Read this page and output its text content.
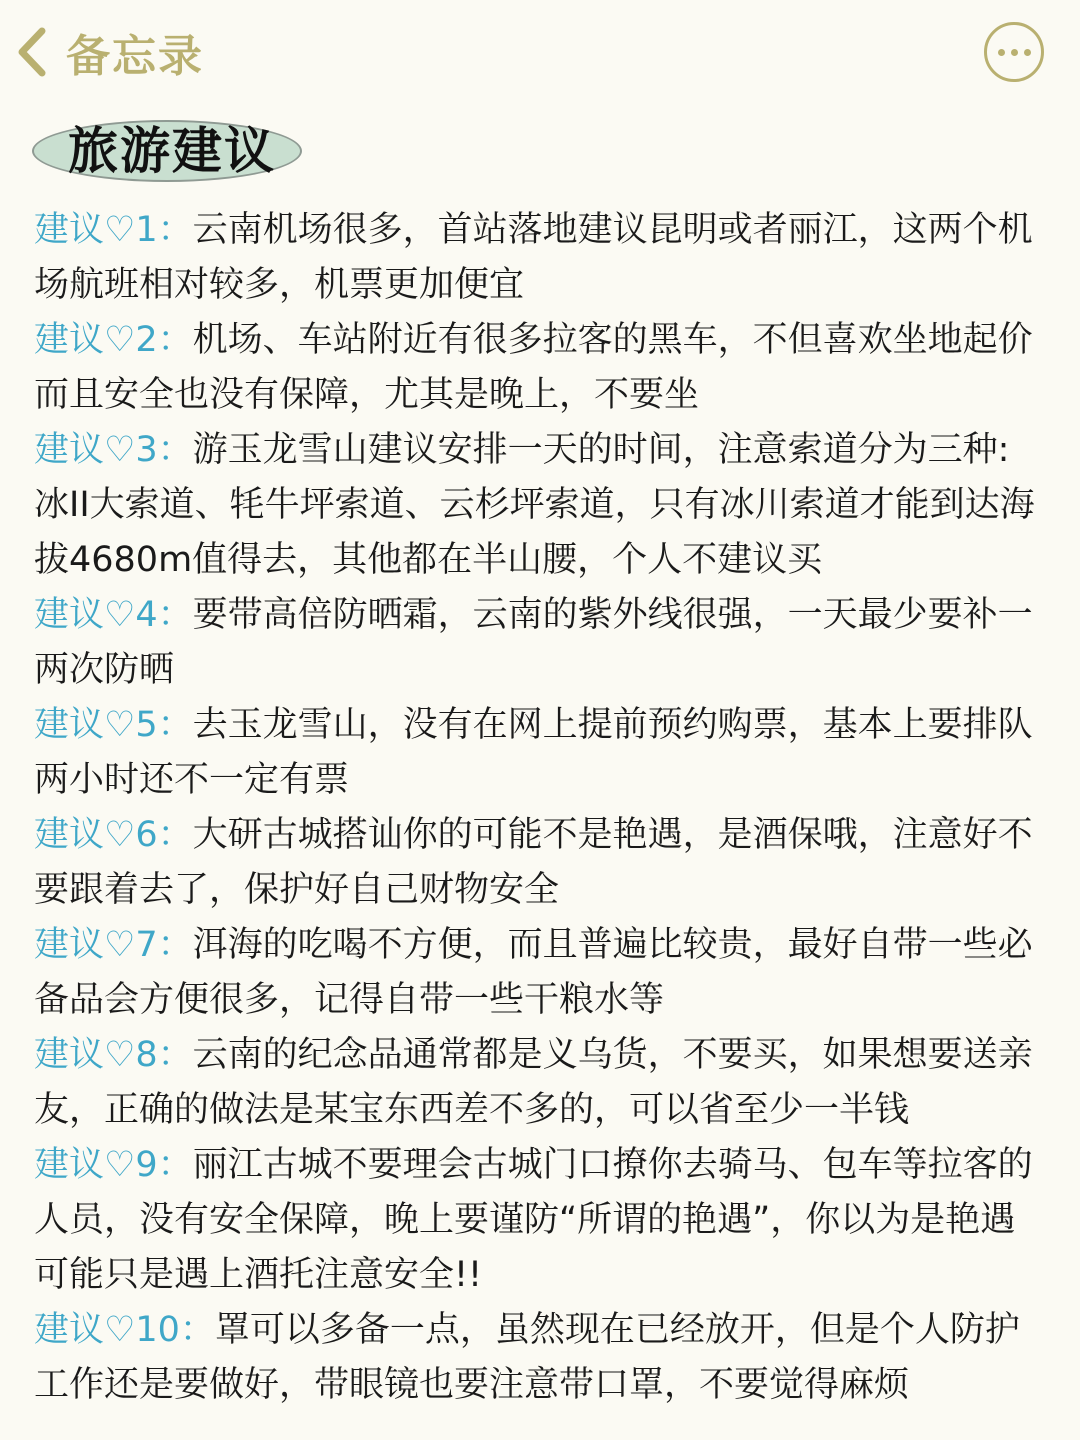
备忘录
旅游建议

建议♡1：云南机场很多，首站落地建议昆明或者丽江，这两个机场航班相对较多，机票更加便宜

建议♡2：机场、车站附近有很多拉客的黑车，不但喜欢坐地起价而且安全也没有保障，尤其是晚上，不要坐

建议♡3：游玉龙雪山建议安排一天的时间，注意索道分为三种:冰II大索道、牦牛坪索道、云杉坪索道，只有冰川索道才能到达海拔4680m值得去，其他都在半山腰，个人不建议买

建议♡4：要带高倍防晒霜，云南的紫外线很强，一天最少要补一两次防晒

建议♡5：去玉龙雪山，没有在网上提前预约购票，基本上要排队两小时还不一定有票

建议♡6：大研古城搭讪你的可能不是艳遇，是酒保哦，注意好不要跟着去了，保护好自己财物安全

建议♡7：洱海的吃喝不方便，而且普遍比较贵，最好自带一些必备品会方便很多，记得自带一些干粮水等

建议♡8：云南的纪念品通常都是义乌货，不要买，如果想要送亲友，正确的做法是某宝东西差不多的，可以省至少一半钱

建议♡9：丽江古城不要理会古城门口撩你去骑马、包车等拉客的人员，没有安全保障，晚上要谨防“所谓的艳遇”，你以为是艳遇可能只是遇上酒托注意安全!!

建议♡10：罩可以多备一点，虽然现在已经放开，但是个人防护工作还是要做好，带眼镜也要注意带口罩，不要觉得麻烦
